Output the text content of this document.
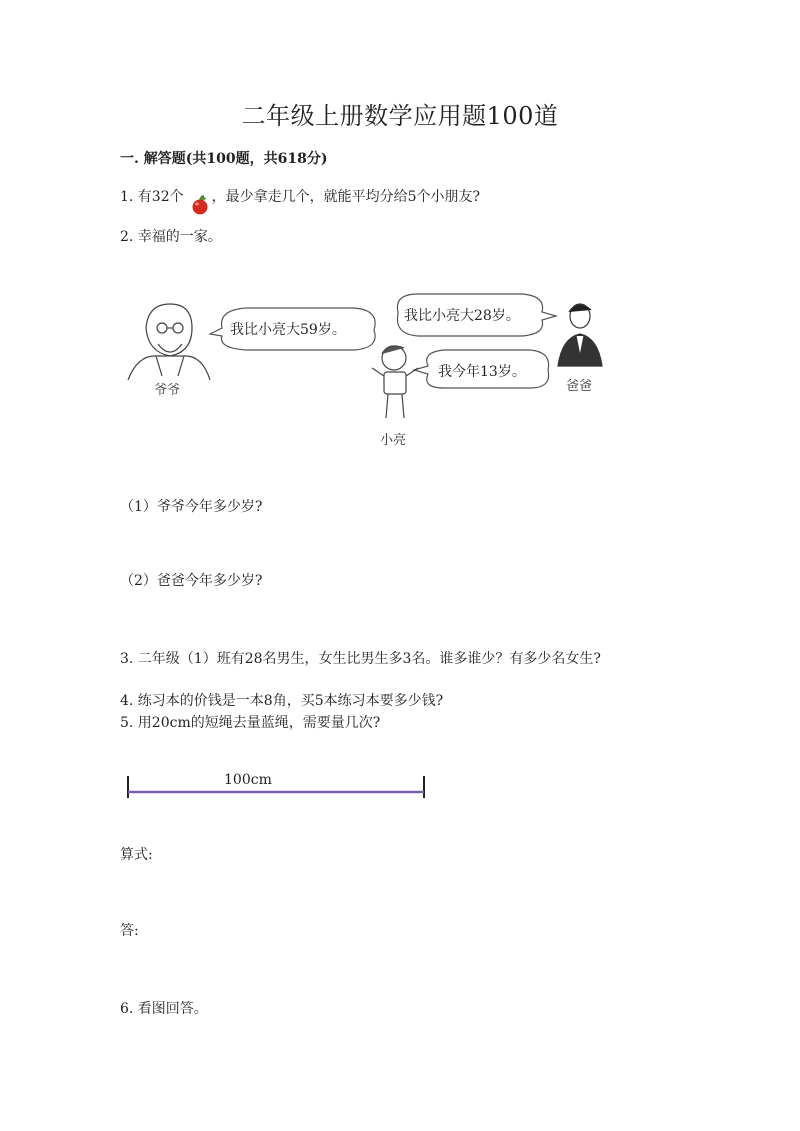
二年级上册数学应用题100道
一. 解答题(共100题，共618分)
1. 有32个 ，最少拿走几个，就能平均分给5个小朋友?
2. 幸福的一家。
爷爷
我比小亮大59岁。
我比小亮大28岁。
我今年13岁。
小亮
爸爸
（1）爷爷今年多少岁?
（2）爸爸今年多少岁?
3. 二年级（1）班有28名男生，女生比男生多3名。谁多谁少？有多少名女生?
4. 练习本的价钱是一本8角，买5本练习本要多少钱?
5. 用20cm的短绳去量蓝绳，需要量几次?
100cm
算式:
答:
6. 看图回答。
